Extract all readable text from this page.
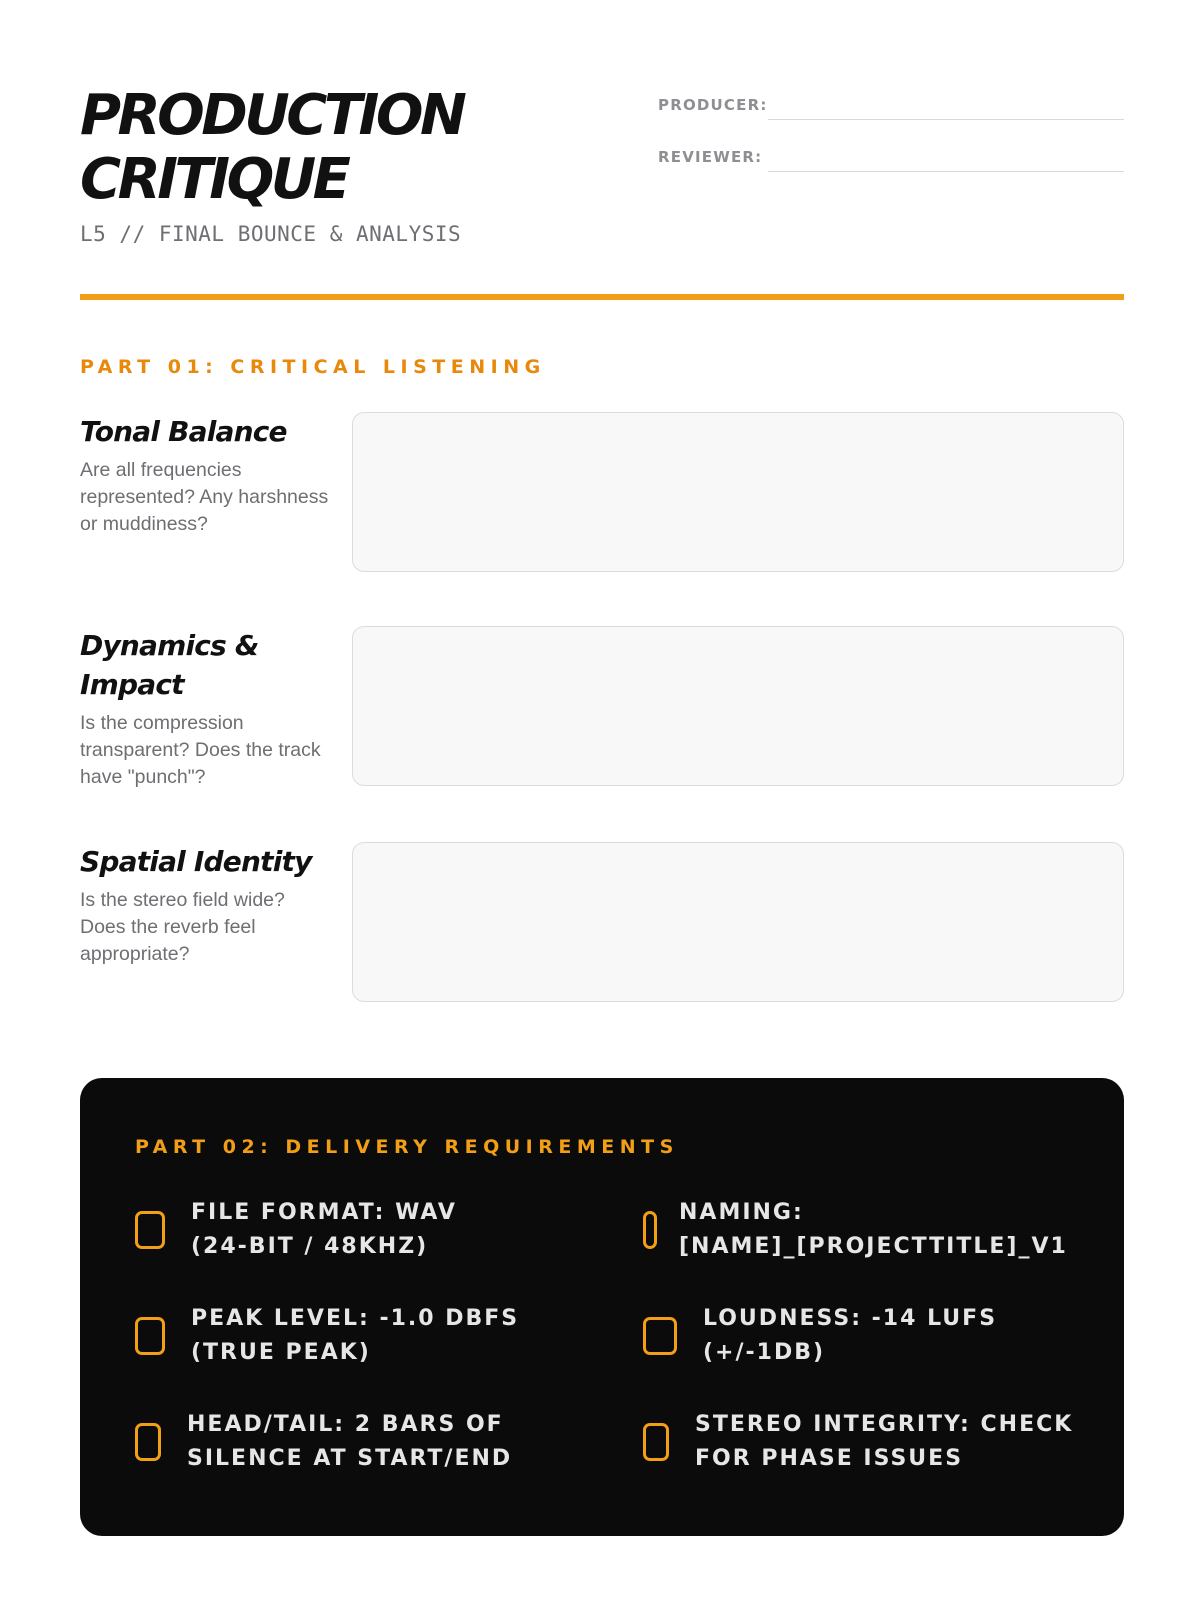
PRODUCTION
CRITIQUE
L5 // FINAL BOUNCE & ANALYSIS
PRODUCER:
REVIEWER:
PART 01: CRITICAL LISTENING
Tonal Balance
Are all frequencies represented? Any harshness or muddiness?
Dynamics & Impact
Is the compression transparent? Does the track have "punch"?
Spatial Identity
Is the stereo field wide? Does the reverb feel appropriate?
PART 02: DELIVERY REQUIREMENTS
FILE FORMAT: WAV (24-BIT / 48KHZ)
NAMING: [NAME]_[PROJECTTITLE]_V1
PEAK LEVEL: -1.0 DBFS (TRUE PEAK)
LOUDNESS: -14 LUFS (+/-1DB)
HEAD/TAIL: 2 BARS OF SILENCE AT START/END
STEREO INTEGRITY: CHECK FOR PHASE ISSUES
